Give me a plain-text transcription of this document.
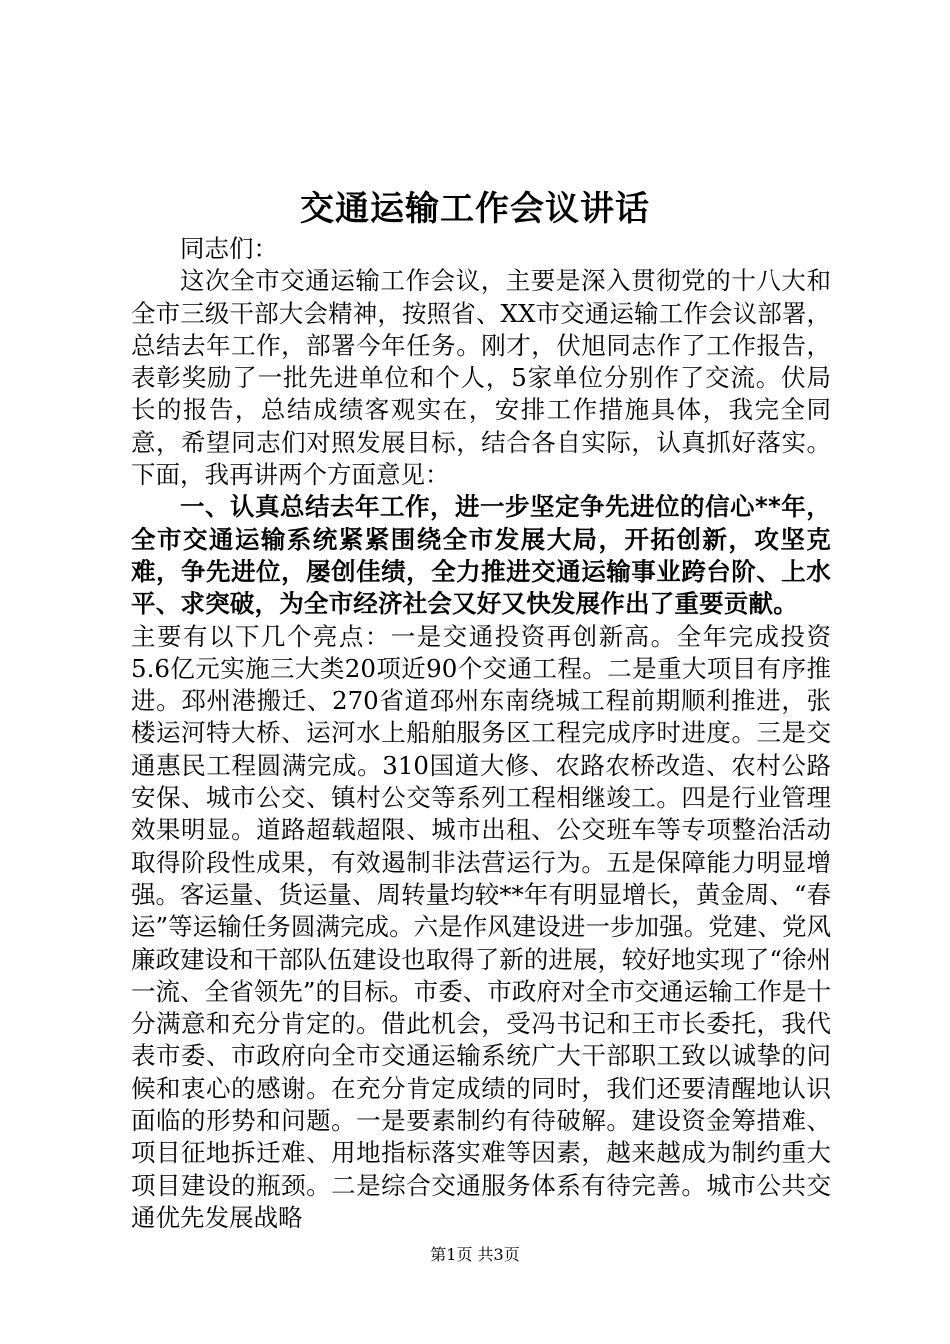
交通运输工作会议讲话

同志们：

这次全市交通运输工作会议，主要是深入贯彻党的十八大和全市三级干部大会精神，按照省、XX市交通运输工作会议部署，总结去年工作，部署今年任务。刚才，伏旭同志作了工作报告，表彰奖励了一批先进单位和个人，5家单位分别作了交流。伏局长的报告，总结成绩客观实在，安排工作措施具体，我完全同意，希望同志们对照发展目标，结合各自实际，认真抓好落实。下面，我再讲两个方面意见：

一、认真总结去年工作，进一步坚定争先进位的信心**年，全市交通运输系统紧紧围绕全市发展大局，开拓创新，攻坚克难，争先进位，屡创佳绩，全力推进交通运输事业跨台阶、上水平、求突破，为全市经济社会又好又快发展作出了重要贡献。

主要有以下几个亮点：一是交通投资再创新高。全年完成投资5.6亿元实施三大类20项近90个交通工程。二是重大项目有序推进。邳州港搬迁、270省道邳州东南绕城工程前期顺利推进，张楼运河特大桥、运河水上船舶服务区工程完成序时进度。三是交通惠民工程圆满完成。310国道大修、农路农桥改造、农村公路安保、城市公交、镇村公交等系列工程相继竣工。四是行业管理效果明显。道路超载超限、城市出租、公交班车等专项整治活动取得阶段性成果，有效遏制非法营运行为。五是保障能力明显增强。客运量、货运量、周转量均较**年有明显增长，黄金周、“春运”等运输任务圆满完成。六是作风建设进一步加强。党建、党风廉政建设和干部队伍建设也取得了新的进展，较好地实现了“徐州一流、全省领先”的目标。市委、市政府对全市交通运输工作是十分满意和充分肯定的。借此机会，受冯书记和王市长委托，我代表市委、市政府向全市交通运输系统广大干部职工致以诚挚的问候和衷心的感谢。在充分肯定成绩的同时，我们还要清醒地认识面临的形势和问题。一是要素制约有待破解。建设资金筹措难、项目征地拆迁难、用地指标落实难等因素，越来越成为制约重大项目建设的瓶颈。二是综合交通服务体系有待完善。城市公共交通优先发展战略

第1页 共3页
